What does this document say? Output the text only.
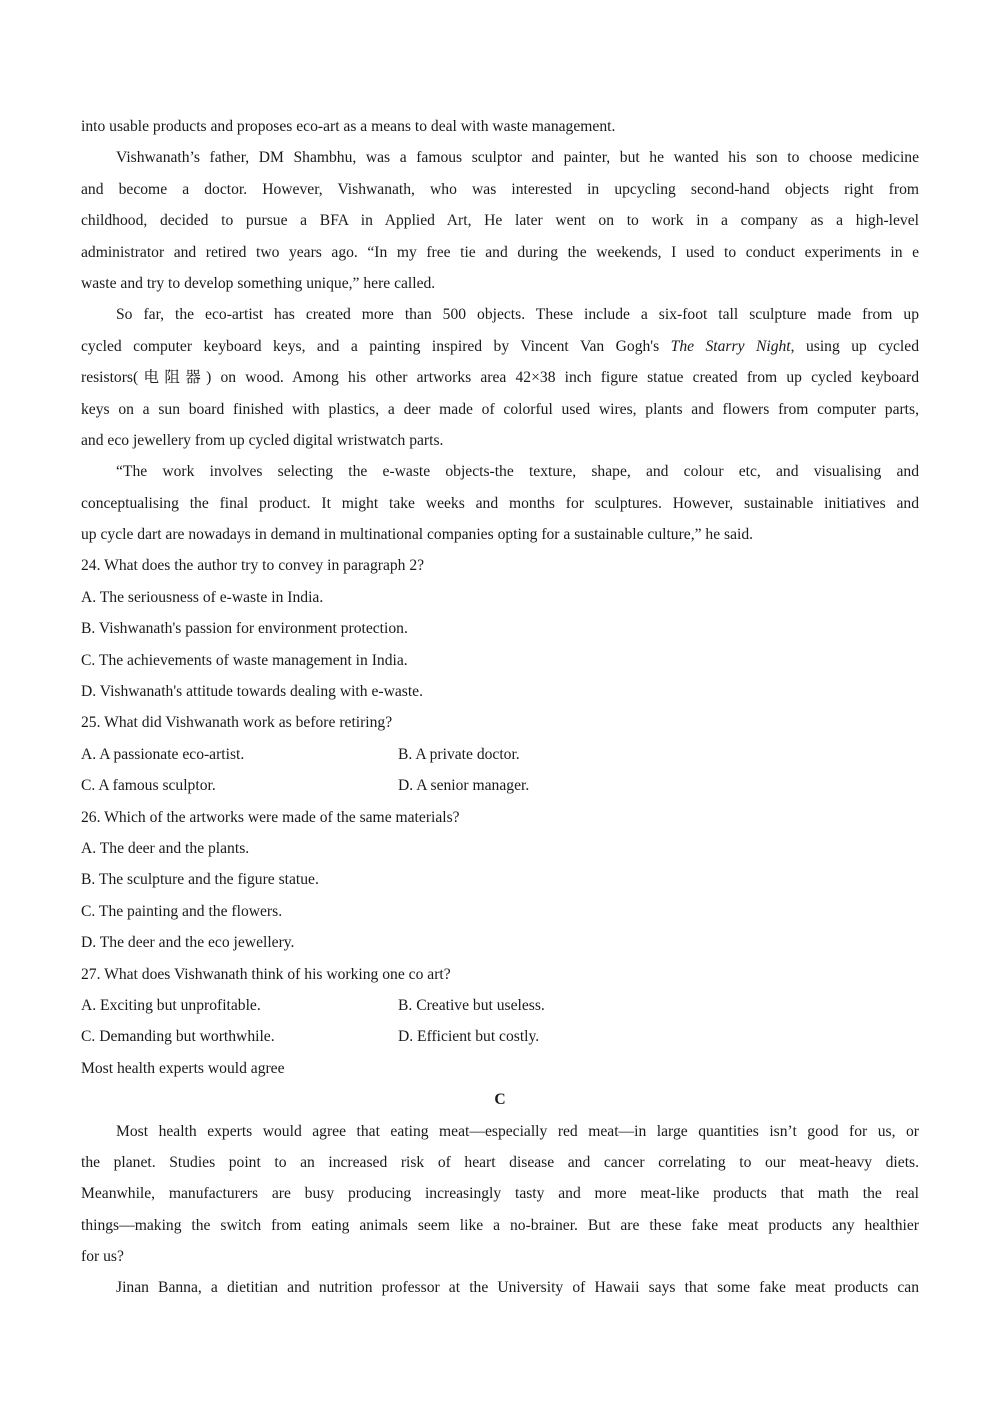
into usable products and proposes eco-art as a means to deal with waste management.
Vishwanath’s father, DM Shambhu, was a famous sculptor and painter, but he wanted his son to choose medicine
and become a doctor. However, Vishwanath, who was interested in upcycling second-hand objects right from
childhood, decided to pursue a BFA in Applied Art, He later went on to work in a company as a high-level
administrator and retired two years ago. “In my free tie and during the weekends, I used to conduct experiments in e
waste and try to develop something unique,” here called.
So far, the eco-artist has created more than 500 objects. These include a six-foot tall sculpture made from up
cycled computer keyboard keys, and a painting inspired by Vincent Van Gogh's The Starry Night, using up cycled
resistors(电阻器) on wood. Among his other artworks area 42×38 inch figure statue created from up cycled keyboard
keys on a sun board finished with plastics, a deer made of colorful used wires, plants and flowers from computer parts,
and eco jewellery from up cycled digital wristwatch parts.
“The work involves selecting the e-waste objects-the texture, shape, and colour etc, and visualising and
conceptualising the final product. It might take weeks and months for sculptures. However, sustainable initiatives and
up cycle dart are nowadays in demand in multinational companies opting for a sustainable culture,” he said.
24. What does the author try to convey in paragraph 2?
A. The seriousness of e-waste in India.
B. Vishwanath's passion for environment protection.
C. The achievements of waste management in India.
D. Vishwanath's attitude towards dealing with e-waste.
25. What did Vishwanath work as before retiring?
A. A passionate eco-artist.	B. A private doctor.
C. A famous sculptor.	D. A senior manager.
26. Which of the artworks were made of the same materials?
A. The deer and the plants.
B. The sculpture and the figure statue.
C. The painting and the flowers.
D. The deer and the eco jewellery.
27. What does Vishwanath think of his working one co art?
A. Exciting but unprofitable.	B. Creative but useless.
C. Demanding but worthwhile.	D. Efficient but costly.
Most health experts would agree
C
Most health experts would agree that eating meat—especially red meat—in large quantities isn’t good for us, or
the planet. Studies point to an increased risk of heart disease and cancer correlating to our meat-heavy diets.
Meanwhile, manufacturers are busy producing increasingly tasty and more meat-like products that math the real
things—making the switch from eating animals seem like a no-brainer. But are these fake meat products any healthier
for us?
Jinan Banna, a dietitian and nutrition professor at the University of Hawaii says that some fake meat products can
